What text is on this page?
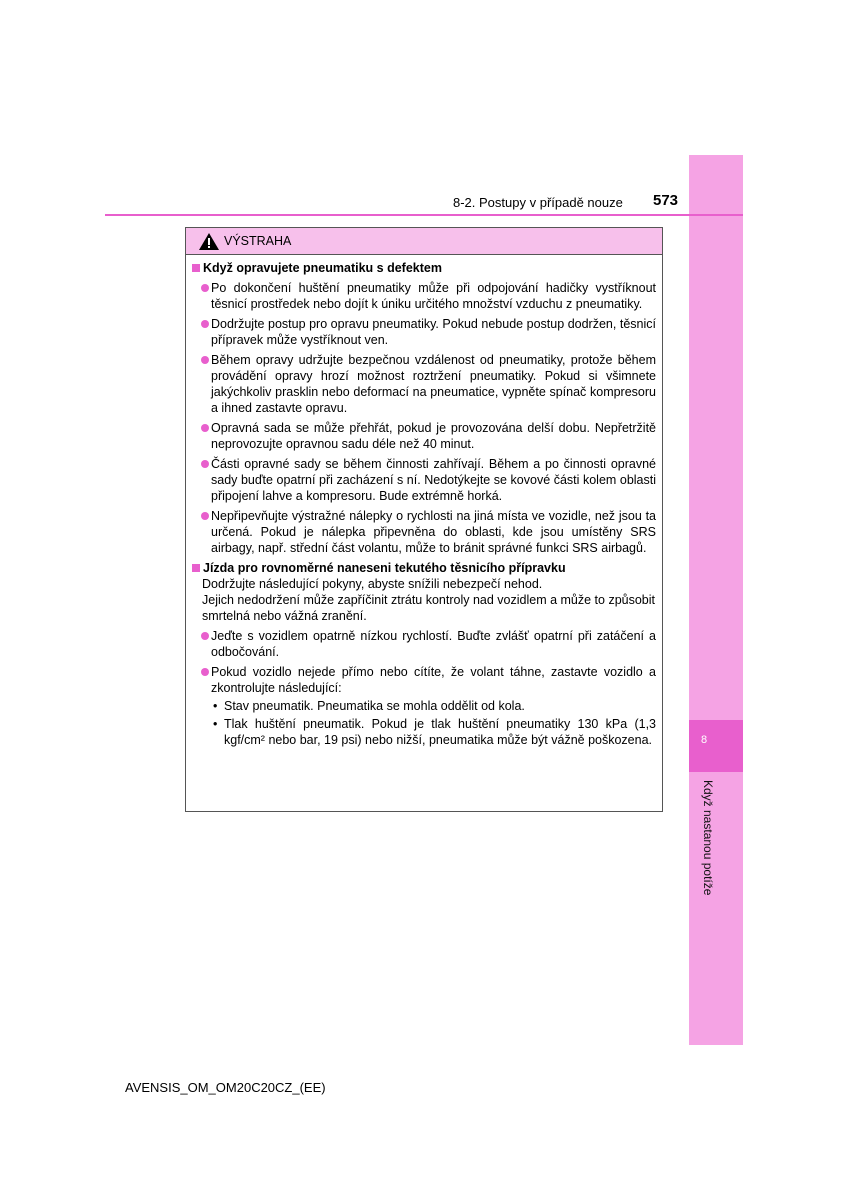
8
Když nastanou potíže
8-2. Postupy v případě nouze 573
VÝSTRAHA
Když opravujete pneumatiku s defektem
Po dokončení huštění pneumatiky může při odpojování hadičky vystříknout těsnicí prostředek nebo dojít k úniku určitého množství vzduchu z pneumatiky.
Dodržujte postup pro opravu pneumatiky. Pokud nebude postup dodržen, těsnicí přípravek může vystříknout ven.
Během opravy udržujte bezpečnou vzdálenost od pneumatiky, protože během provádění opravy hrozí možnost roztržení pneumatiky. Pokud si všimnete jakýchkoliv prasklin nebo deformací na pneumatice, vypněte spínač kompresoru a ihned zastavte opravu.
Opravná sada se může přehřát, pokud je provozována delší dobu. Nepřetržitě neprovozujte opravnou sadu déle než 40 minut.
Části opravné sady se během činnosti zahřívají. Během a po činnosti opravné sady buďte opatrní při zacházení s ní. Nedotýkejte se kovové části kolem oblasti připojení lahve a kompresoru. Bude extrémně horká.
Nepřipevňujte výstražné nálepky o rychlosti na jiná místa ve vozidle, než jsou ta určená. Pokud je nálepka připevněna do oblasti, kde jsou umístěny SRS airbagy, např. střední část volantu, může to bránit správné funkci SRS airbagů.
Jízda pro rovnoměrné naneseni tekutého těsnicího přípravku
Dodržujte následující pokyny, abyste snížili nebezpečí nehod.
Jejich nedodržení může zapříčinit ztrátu kontroly nad vozidlem a může to způsobit smrtelná nebo vážná zranění.
Jeďte s vozidlem opatrně nízkou rychlostí. Buďte zvlášť opatrní při zatáčení a odbočování.
Pokud vozidlo nejede přímo nebo cítíte, že volant táhne, zastavte vozidlo a zkontrolujte následující:
• Stav pneumatik. Pneumatika se mohla oddělit od kola.
• Tlak huštění pneumatik. Pokud je tlak huštění pneumatiky 130 kPa (1,3 kgf/cm² nebo bar, 19 psi) nebo nižší, pneumatika může být vážně poškozena.
AVENSIS_OM_OM20C20CZ_(EE)
